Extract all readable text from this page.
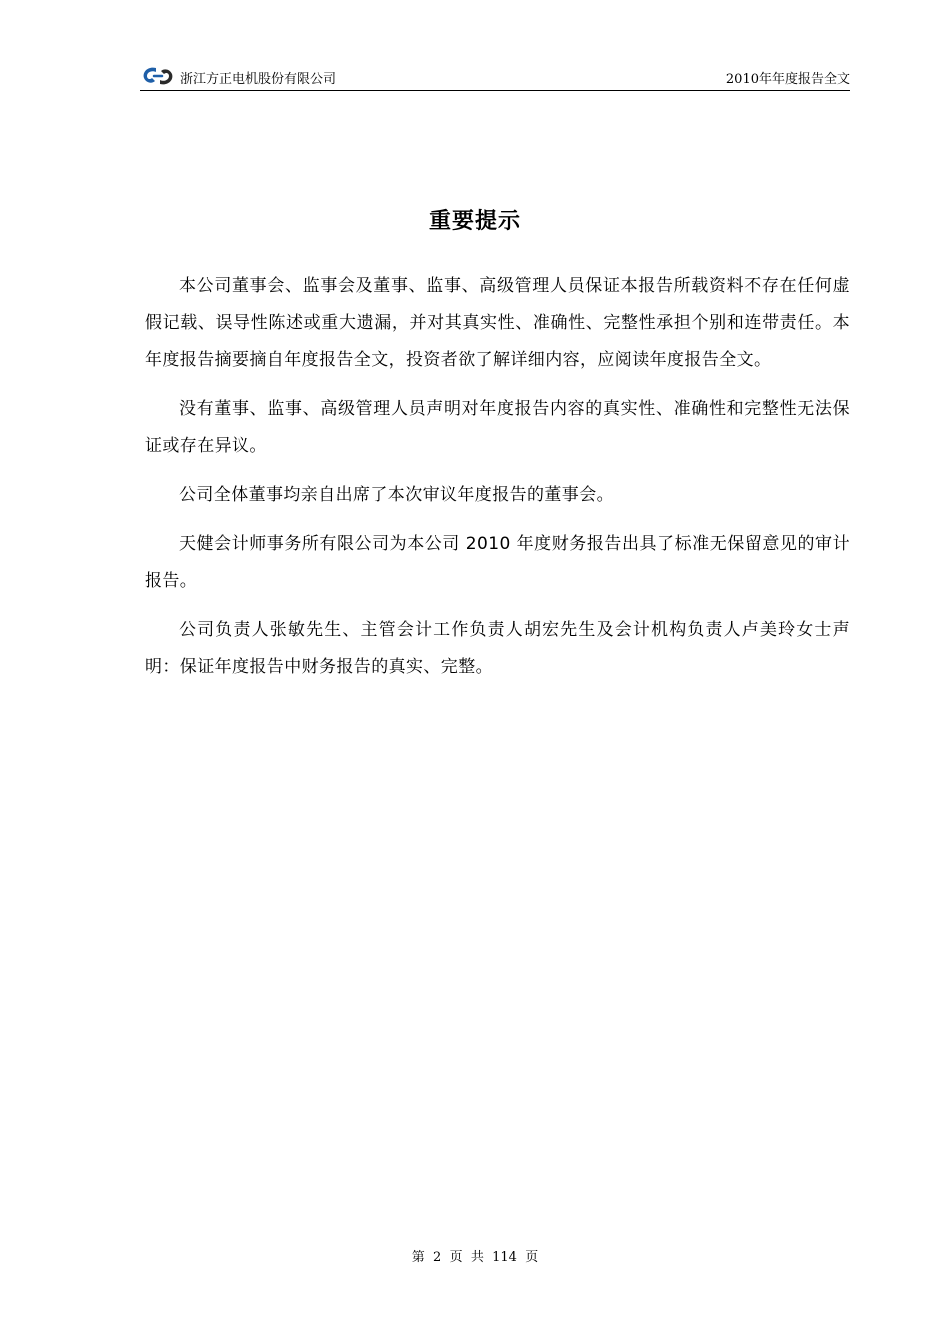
浙江方正电机股份有限公司	2010年年度报告全文
重要提示

本公司董事会、监事会及董事、监事、高级管理人员保证本报告所载资料不存在任何虚假记载、误导性陈述或重大遗漏，并对其真实性、准确性、完整性承担个别和连带责任。本年度报告摘要摘自年度报告全文，投资者欲了解详细内容，应阅读年度报告全文。

没有董事、监事、高级管理人员声明对年度报告内容的真实性、准确性和完整性无法保证或存在异议。

公司全体董事均亲自出席了本次审议年度报告的董事会。

天健会计师事务所有限公司为本公司 2010 年度财务报告出具了标准无保留意见的审计报告。

公司负责人张敏先生、主管会计工作负责人胡宏先生及会计机构负责人卢美玲女士声明：保证年度报告中财务报告的真实、完整。

第  2  页  共  114  页
